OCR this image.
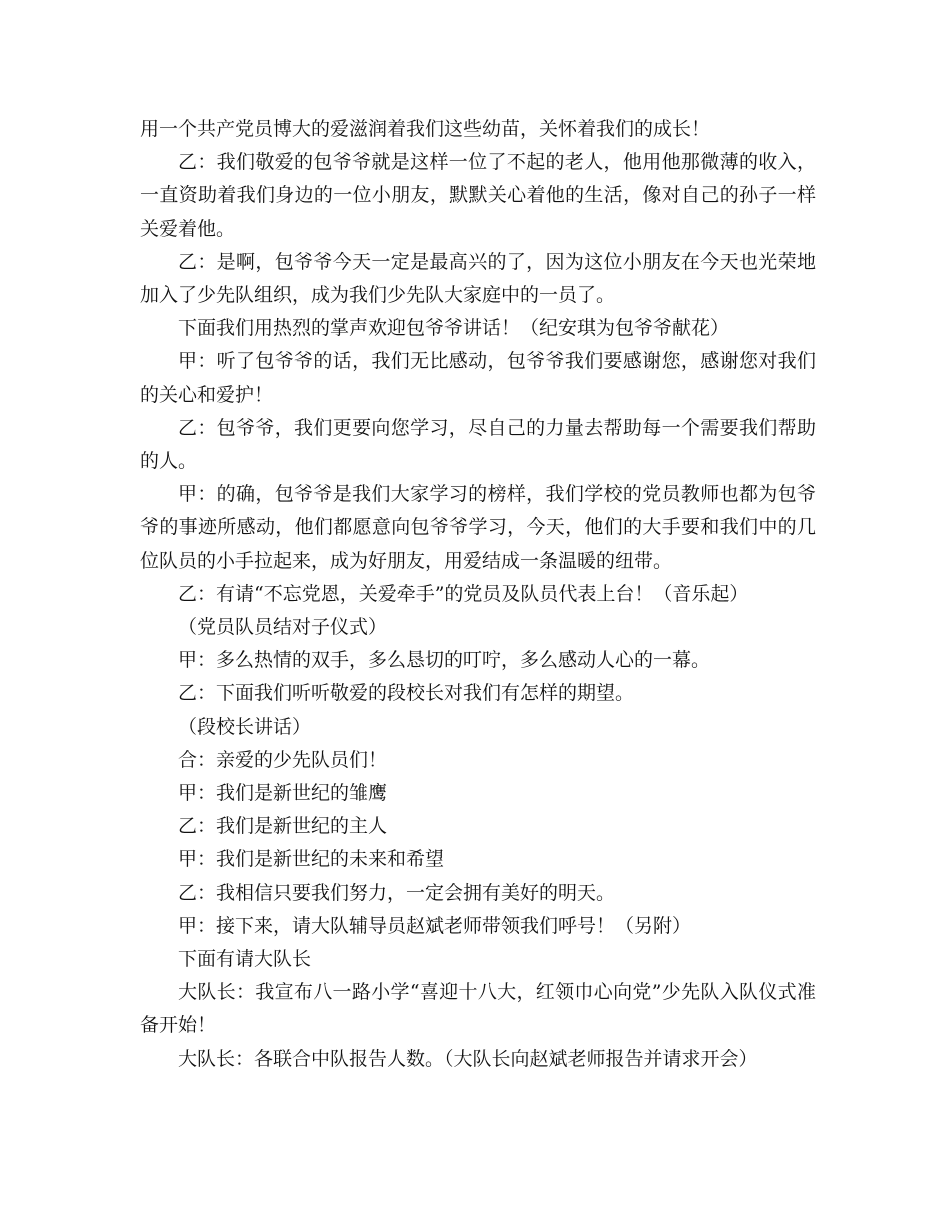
用一个共产党员博大的爱滋润着我们这些幼苗，关怀着我们的成长！

乙：我们敬爱的包爷爷就是这样一位了不起的老人，他用他那微薄的收入，一直资助着我们身边的一位小朋友，默默关心着他的生活，像对自己的孙子一样关爱着他。

乙：是啊，包爷爷今天一定是最高兴的了，因为这位小朋友在今天也光荣地加入了少先队组织，成为我们少先队大家庭中的一员了。

下面我们用热烈的掌声欢迎包爷爷讲话！（纪安琪为包爷爷献花）

甲：听了包爷爷的话，我们无比感动，包爷爷我们要感谢您，感谢您对我们的关心和爱护！

乙：包爷爷，我们更要向您学习，尽自己的力量去帮助每一个需要我们帮助的人。

甲：的确，包爷爷是我们大家学习的榜样，我们学校的党员教师也都为包爷爷的事迹所感动，他们都愿意向包爷爷学习，今天，他们的大手要和我们中的几位队员的小手拉起来，成为好朋友，用爱结成一条温暖的纽带。

乙：有请“不忘党恩，关爱牵手”的党员及队员代表上台！（音乐起）

（党员队员结对子仪式）

甲：多么热情的双手，多么恳切的叮咛，多么感动人心的一幕。

乙：下面我们听听敬爱的段校长对我们有怎样的期望。

（段校长讲话）

合：亲爱的少先队员们！

甲：我们是新世纪的雏鹰

乙：我们是新世纪的主人

甲：我们是新世纪的未来和希望

乙：我相信只要我们努力，一定会拥有美好的明天。

甲：接下来，请大队辅导员赵斌老师带领我们呼号！（另附）

下面有请大队长

大队长：我宣布八一路小学“喜迎十八大，红领巾心向党”少先队入队仪式准备开始！

大队长：各联合中队报告人数。（大队长向赵斌老师报告并请求开会）
